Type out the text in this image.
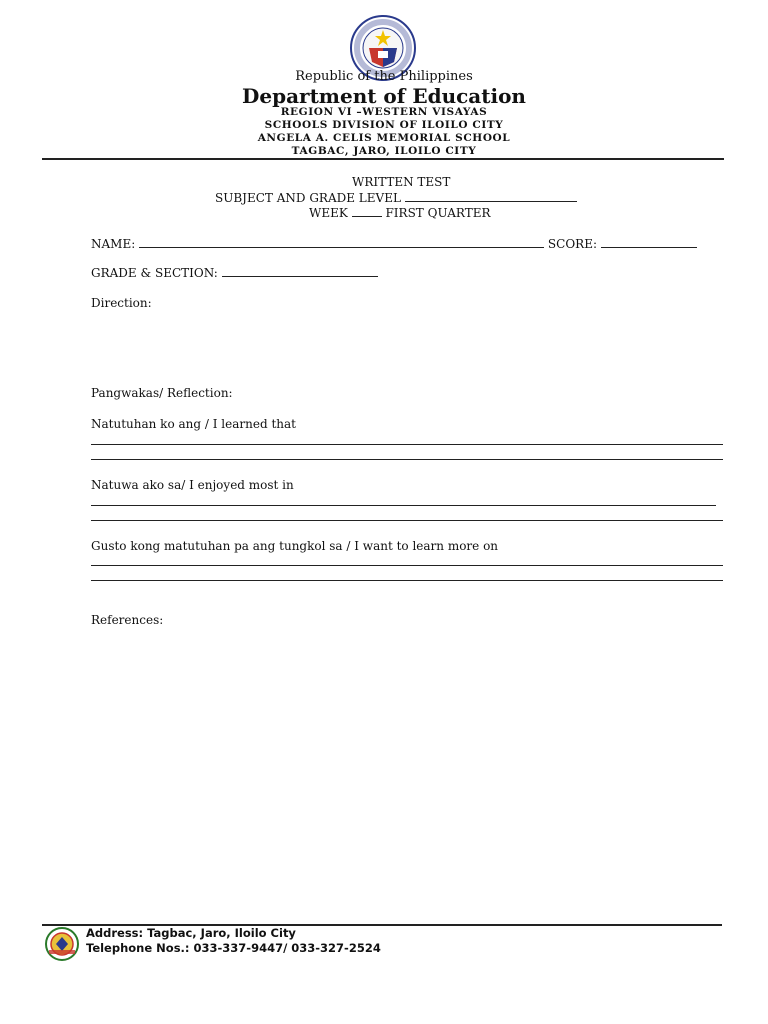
Republic of the Philippines
Department of Education
REGION VI –WESTERN VISAYAS
SCHOOLS DIVISION OF ILOILO CITY
ANGELA A. CELIS MEMORIAL SCHOOL
TAGBAC, JARO, ILOILO CITY
WRITTEN TEST
SUBJECT AND GRADE LEVEL
WEEK	FIRST QUARTER
NAME:	SCORE:
GRADE & SECTION:
Direction:
Pangwakas/ Reflection:
Natutuhan ko ang / I learned that
Natuwa ako sa/ I enjoyed most in
Gusto kong matutuhan pa ang tungkol sa / I want to learn more on
References:
Address: Tagbac, Jaro, Iloilo City
Telephone Nos.: 033-337-9447/ 033-327-2524
